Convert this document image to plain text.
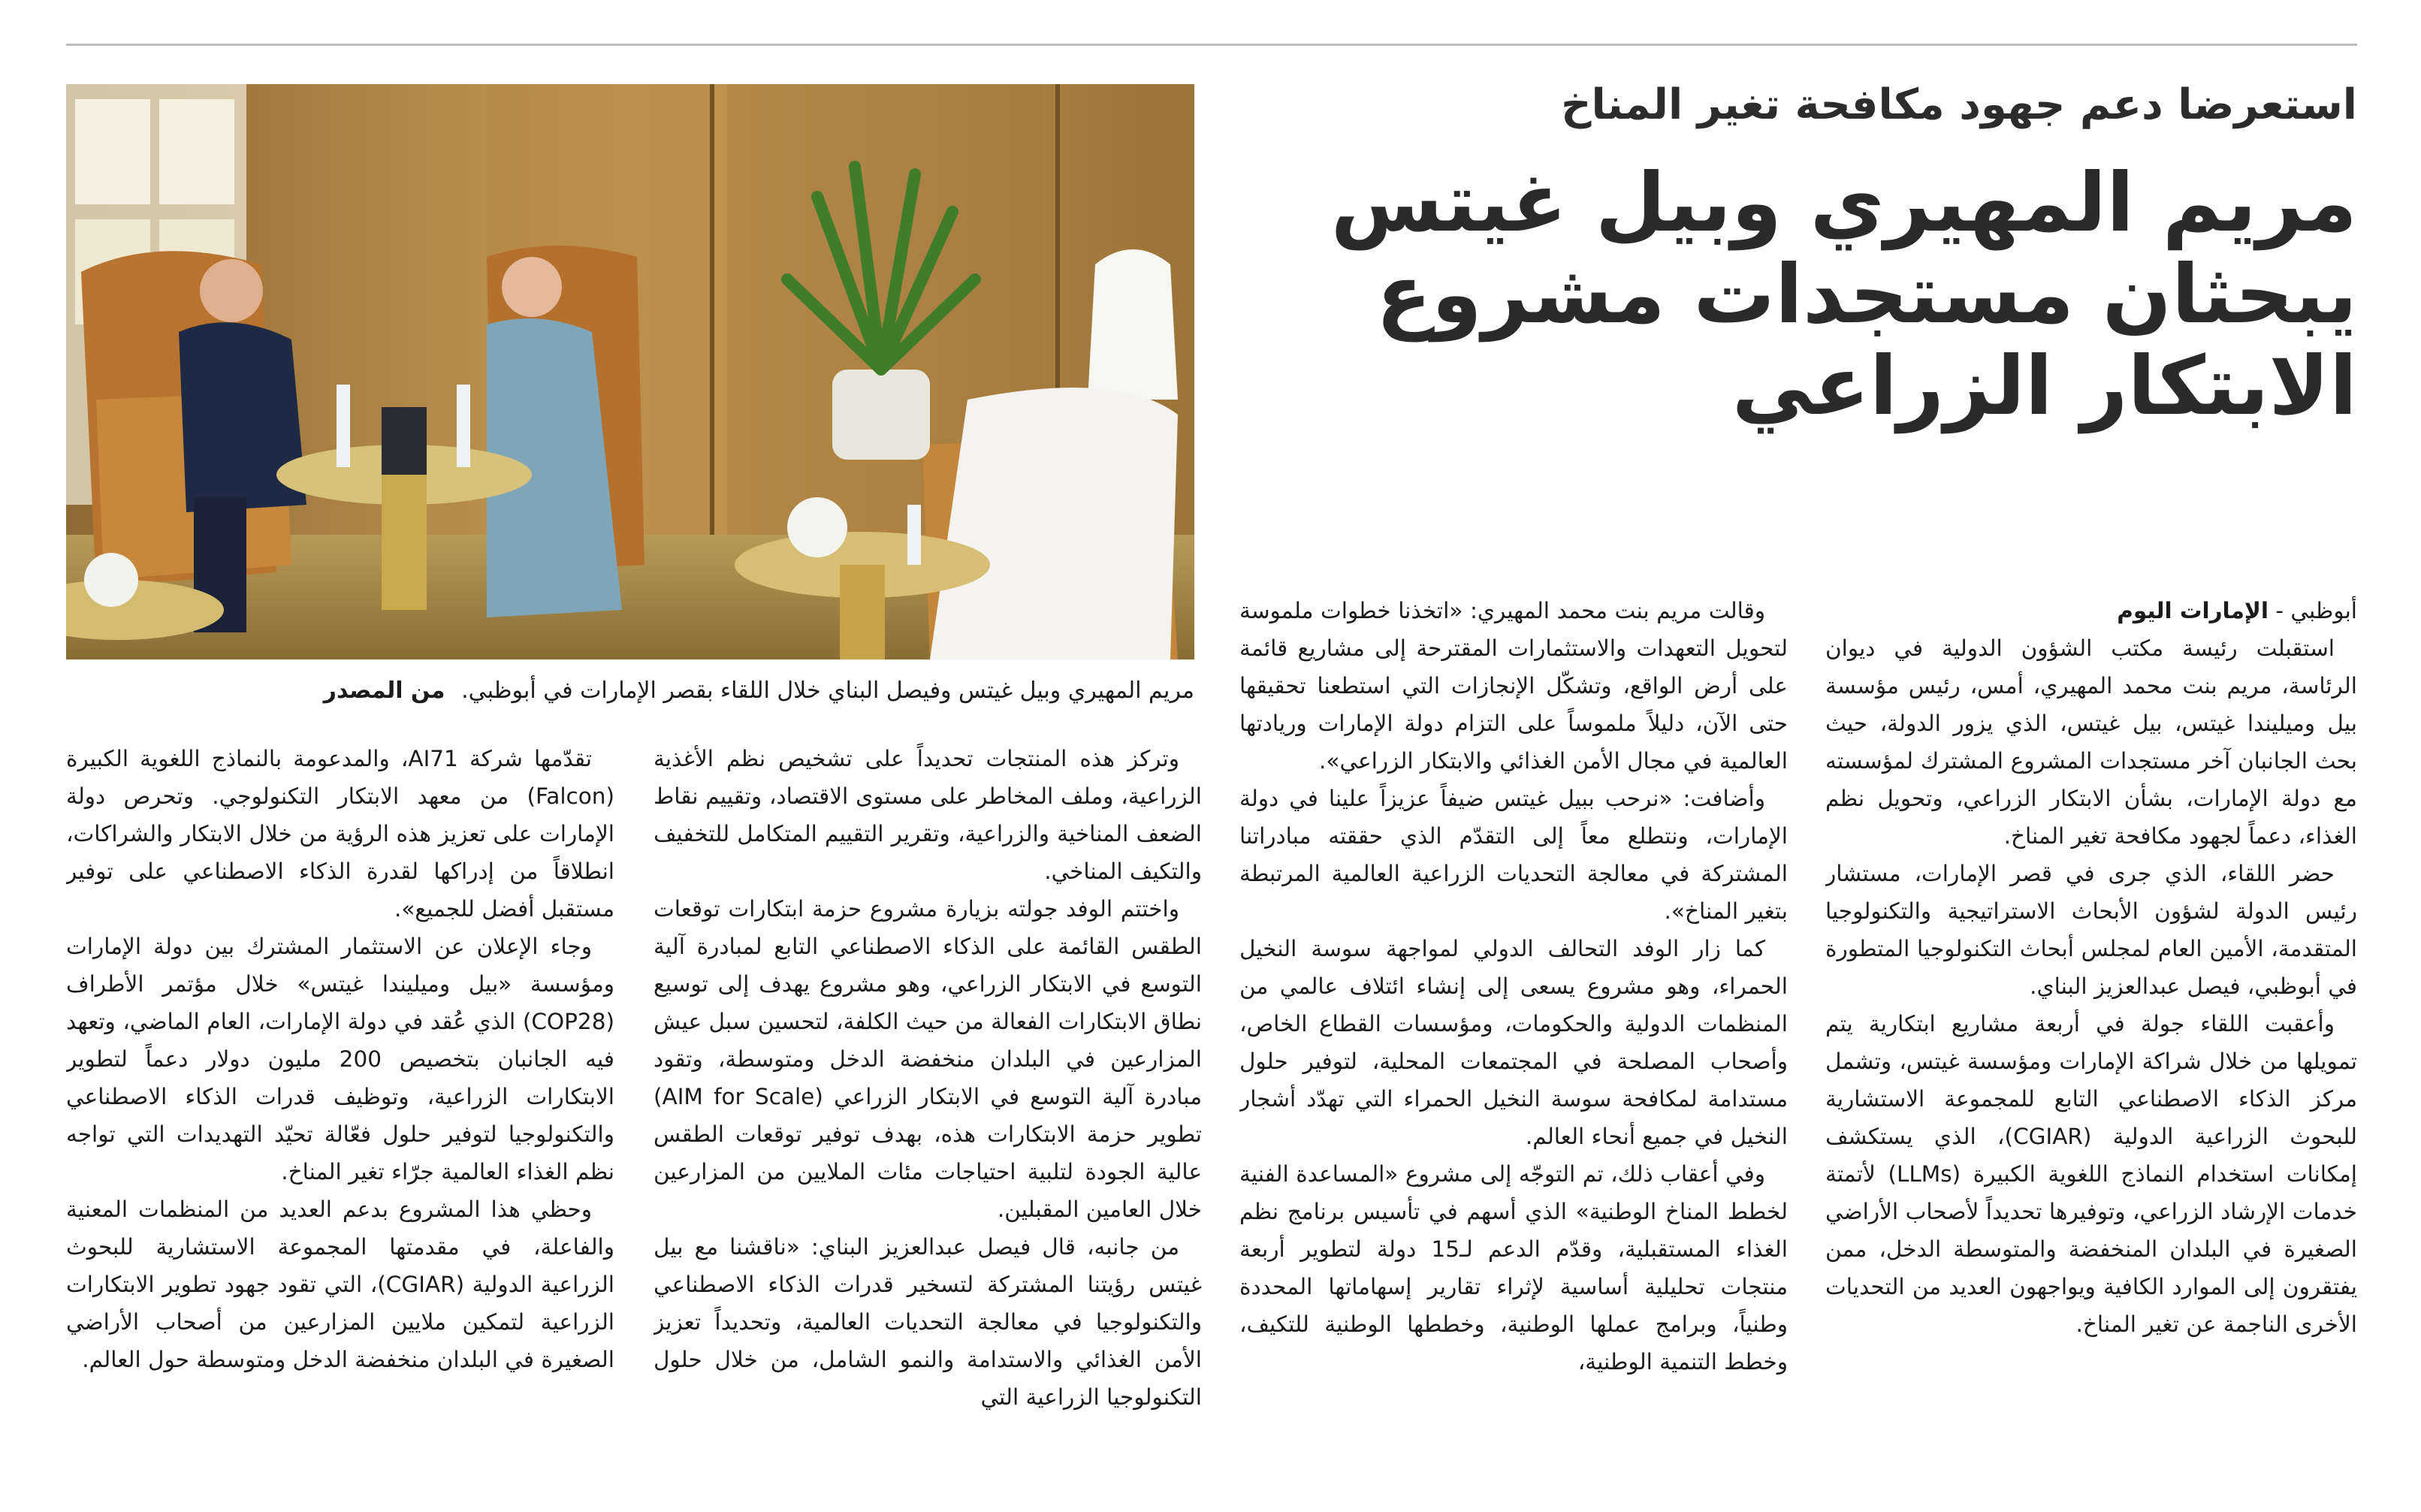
مريم المهيري وبيل غيتس وفيصل البناي خلال اللقاء بقصر الإمارات في أبوظبي. من المصدر
استعرضا دعم جهود مكافحة تغير المناخ
مريم المهيري وبيل غيتس يبحثان مستجدات مشروع الابتكار الزراعي

أبوظبي - الإمارات اليوم

استقبلت رئيسة مكتب الشؤون الدولية في ديوان الرئاسة، مريم بنت محمد المهيري، أمس، رئيس مؤسسة بيل وميليندا غيتس، بيل غيتس، الذي يزور الدولة، حيث بحث الجانبان آخر مستجدات المشروع المشترك لمؤسسته مع دولة الإمارات، بشأن الابتكار الزراعي، وتحويل نظم الغذاء، دعماً لجهود مكافحة تغير المناخ.

حضر اللقاء، الذي جرى في قصر الإمارات، مستشار رئيس الدولة لشؤون الأبحاث الاستراتيجية والتكنولوجيا المتقدمة، الأمين العام لمجلس أبحاث التكنولوجيا المتطورة في أبوظبي، فيصل عبدالعزيز البناي.

وأعقبت اللقاء جولة في أربعة مشاريع ابتكارية يتم تمويلها من خلال شراكة الإمارات ومؤسسة غيتس، وتشمل مركز الذكاء الاصطناعي التابع للمجموعة الاستشارية للبحوث الزراعية الدولية (CGIAR)، الذي يستكشف إمكانات استخدام النماذج اللغوية الكبيرة (LLMs) لأتمتة خدمات الإرشاد الزراعي، وتوفيرها تحديداً لأصحاب الأراضي الصغيرة في البلدان المنخفضة والمتوسطة الدخل، ممن يفتقرون إلى الموارد الكافية ويواجهون العديد من التحديات الأخرى الناجمة عن تغير المناخ.

وقالت مريم بنت محمد المهيري: «اتخذنا خطوات ملموسة لتحويل التعهدات والاستثمارات المقترحة إلى مشاريع قائمة على أرض الواقع، وتشكّل الإنجازات التي استطعنا تحقيقها حتى الآن، دليلاً ملموساً على التزام دولة الإمارات وريادتها العالمية في مجال الأمن الغذائي والابتكار الزراعي».

وأضافت: «نرحب ببيل غيتس ضيفاً عزيزاً علينا في دولة الإمارات، ونتطلع معاً إلى التقدّم الذي حققته مبادراتنا المشتركة في معالجة التحديات الزراعية العالمية المرتبطة بتغير المناخ».

كما زار الوفد التحالف الدولي لمواجهة سوسة النخيل الحمراء، وهو مشروع يسعى إلى إنشاء ائتلاف عالمي من المنظمات الدولية والحكومات، ومؤسسات القطاع الخاص، وأصحاب المصلحة في المجتمعات المحلية، لتوفير حلول مستدامة لمكافحة سوسة النخيل الحمراء التي تهدّد أشجار النخيل في جميع أنحاء العالم.

وفي أعقاب ذلك، تم التوجّه إلى مشروع «المساعدة الفنية لخطط المناخ الوطنية» الذي أسهم في تأسيس برنامج نظم الغذاء المستقبلية، وقدّم الدعم لـ15 دولة لتطوير أربعة منتجات تحليلية أساسية لإثراء تقارير إسهاماتها المحددة وطنياً، وبرامج عملها الوطنية، وخططها الوطنية للتكيف، وخطط التنمية الوطنية،

وتركز هذه المنتجات تحديداً على تشخيص نظم الأغذية الزراعية، وملف المخاطر على مستوى الاقتصاد، وتقييم نقاط الضعف المناخية والزراعية، وتقرير التقييم المتكامل للتخفيف والتكيف المناخي.

واختتم الوفد جولته بزيارة مشروع حزمة ابتكارات توقعات الطقس القائمة على الذكاء الاصطناعي التابع لمبادرة آلية التوسع في الابتكار الزراعي، وهو مشروع يهدف إلى توسيع نطاق الابتكارات الفعالة من حيث الكلفة، لتحسين سبل عيش المزارعين في البلدان منخفضة الدخل ومتوسطة، وتقود مبادرة آلية التوسع في الابتكار الزراعي (AIM for Scale) تطوير حزمة الابتكارات هذه، بهدف توفير توقعات الطقس عالية الجودة لتلبية احتياجات مئات الملايين من المزارعين خلال العامين المقبلين.

من جانبه، قال فيصل عبدالعزيز البناي: «ناقشنا مع بيل غيتس رؤيتنا المشتركة لتسخير قدرات الذكاء الاصطناعي والتكنولوجيا في معالجة التحديات العالمية، وتحديداً تعزيز الأمن الغذائي والاستدامة والنمو الشامل، من خلال حلول التكنولوجيا الزراعية التي

تقدّمها شركة AI71، والمدعومة بالنماذج اللغوية الكبيرة (Falcon) من معهد الابتكار التكنولوجي. وتحرص دولة الإمارات على تعزيز هذه الرؤية من خلال الابتكار والشراكات، انطلاقاً من إدراكها لقدرة الذكاء الاصطناعي على توفير مستقبل أفضل للجميع».

وجاء الإعلان عن الاستثمار المشترك بين دولة الإمارات ومؤسسة «بيل وميليندا غيتس» خلال مؤتمر الأطراف (COP28) الذي عُقد في دولة الإمارات، العام الماضي، وتعهد فيه الجانبان بتخصيص 200 مليون دولار دعماً لتطوير الابتكارات الزراعية، وتوظيف قدرات الذكاء الاصطناعي والتكنولوجيا لتوفير حلول فعّالة تحيّد التهديدات التي تواجه نظم الغذاء العالمية جرّاء تغير المناخ.

وحظي هذا المشروع بدعم العديد من المنظمات المعنية والفاعلة، في مقدمتها المجموعة الاستشارية للبحوث الزراعية الدولية (CGIAR)، التي تقود جهود تطوير الابتكارات الزراعية لتمكين ملايين المزارعين من أصحاب الأراضي الصغيرة في البلدان منخفضة الدخل ومتوسطة حول العالم.
